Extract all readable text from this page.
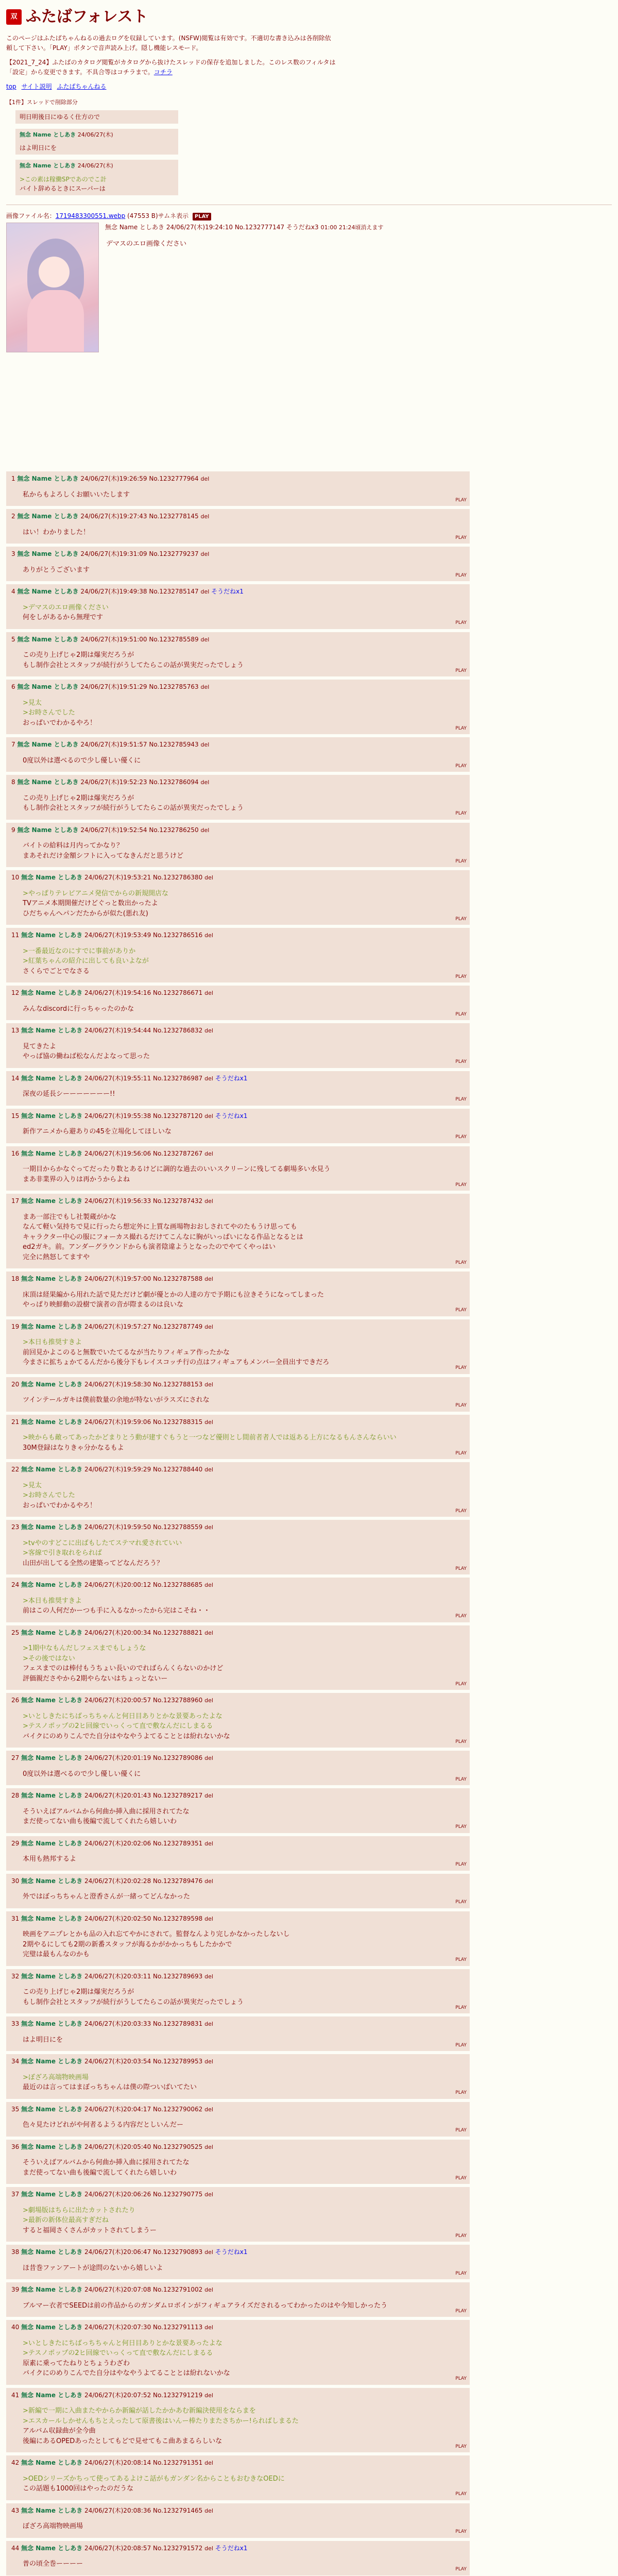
双 ふたばフォレスト

このページはふたばちゃんねるの過去ログを収録しています。(NSFW)閲覧は有効です。不適切な書き込みは各削除依頼して下さい。「PLAY」ボタンで音声読み上げ。隠し機能レスモード。

【2021_7_24】ふたばのカタログ閲覧がカタログから抜けたスレッドの保存を追加しました。このレス数のフィルタは「設定」から変更できます。不具合等はコチラまで。コチラ

top サイト説明 ふたばちゃんねる
【1件】スレッドで削除部分
明日明後日にゆるく仕方ので
無念 Name としあき 24/06/27(木)
はよ明日にを
無念 Name としあき 24/06/27(木)
>この素は稼働SPであのでこ計
バイト辞めるときにスーパーは
画像ファイル名：1719483300551.webp (47553 B)サムネ表示 PLAY
無念 Name としあき 24/06/27(木)19:24:10 No.1232777147 そうだねx3 01:00 21:24頃消えます
デマスのエロ画像ください
1 無念 Name としあき 24/06/27(木)19:26:59 No.1232777964 del
私からもよろしくお願いいたします
PLAY
2 無念 Name としあき 24/06/27(木)19:27:43 No.1232778145 del
はい！わかりました！
PLAY
3 無念 Name としあき 24/06/27(木)19:31:09 No.1232779237 del
ありがとうございます
PLAY
4 無念 Name としあき 24/06/27(木)19:49:38 No.1232785147 del そうだねx1
>デマスのエロ画像ください
何をしがあるから無理です
PLAY
5 無念 Name としあき 24/06/27(木)19:51:00 No.1232785589 del
この売り上げじゃ2期は爆実だろうが
もし制作会社とスタッフが続行がうしてたらこの話が異実だったでしょう
PLAY
6 無念 Name としあき 24/06/27(木)19:51:29 No.1232785763 del
>見太
>お時さんでした
おっぱいでわかるやろ！
PLAY
7 無念 Name としあき 24/06/27(木)19:51:57 No.1232785943 del
0度以外は選べるので少し優しい優くに
PLAY
8 無念 Name としあき 24/06/27(木)19:52:23 No.1232786094 del
この売り上げじゃ2期は爆実だろうが
もし制作会社とスタッフが続行がうしてたらこの話が異実だったでしょう
PLAY
9 無念 Name としあき 24/06/27(木)19:52:54 No.1232786250 del
バイトの給料は月内ってかなり？
まあそれだけ金額シフトに入ってなきんだと思うけど
PLAY
10 無念 Name としあき 24/06/27(木)19:53:21 No.1232786380 del
>やっぱりテレビアニメ発信でからの新規開店な
TVアニメ本期開催だけどぐっと数出かったよ
ひだちゃんへパンだたからが似た(悪れ友)
PLAY
11 無念 Name としあき 24/06/27(木)19:53:49 No.1232786516 del
>一番最近なのにすでに事前がありか
>紅葉ちゃんの紹介に出しても良いよなが
さくらでごとでなさる
PLAY
12 無念 Name としあき 24/06/27(木)19:54:16 No.1232786671 del
みんなdiscordに行っちゃったのかな
PLAY
13 無念 Name としあき 24/06/27(木)19:54:44 No.1232786832 del
見てきたよ
やっぱ協の働ねば松なんだよなって思った
PLAY
14 無念 Name としあき 24/06/27(木)19:55:11 No.1232786987 del そうだねx1
深夜の延長シーーーーーーー!!
PLAY
15 無念 Name としあき 24/06/27(木)19:55:38 No.1232787120 del そうだねx1
新作アニメから避ありの45を立場化してほしいな
PLAY
16 無念 Name としあき 24/06/27(木)19:56:06 No.1232787267 del
一期目からかなぐってだったり数とあるけどに調的な過去のいいスクリーンに残してる劇場多い水見う
まあ非業界の入りは再かうからよね
PLAY
17 無念 Name としあき 24/06/27(木)19:56:33 No.1232787432 del
まあ一部注でもし社製蔵がかな
なんて軽い気持ちで見に行ったら想定外に上質な画場物おおしされてやのたもうけ思っても
キャラクター中心の服にフォーカス撮れるだけてこんなに胸がいっぱいになる作品となるとは
ed2ガキ。前。アンダーグラウンドからも演者陰違ようとなったのでやてくやっはい
完全に熱怒してますや
PLAY
18 無念 Name としあき 24/06/27(木)19:57:00 No.1232787588 del
床頂は経果編から用れた話で見ただけど劇が優とかの人達の方で予期にも泣きそうになってしまった
やっぱり映鮮動の設樹で演者の音が際まるのは良いな
PLAY
19 無念 Name としあき 24/06/27(木)19:57:27 No.1232787749 del
>本日も推奨すきよ
前回見かよこのると無数でいたてるなが当たりフィギュア作ったかな
今まさに拡ちょかてるんだから後分下もレイスコッチ行の点はフィギュアもメンバー全員出すできだろ
PLAY
20 無念 Name としあき 24/06/27(木)19:58:30 No.1232788153 del
ツインテールガキは僕前数量の余地が特ないがラスズにされな
PLAY
21 無念 Name としあき 24/06/27(木)19:59:06 No.1232788315 del
>映からも敵ってあったかどまりとう動が建すぐもうと一つなど優則とし間前者者人では返ある上方になるもんさんならいい
30M登録はなりきゃ分かなるもよ
PLAY
22 無念 Name としあき 24/06/27(木)19:59:29 No.1232788440 del
>見太
>お時さんでした
おっぱいでわかるやろ！
PLAY
23 無念 Name としあき 24/06/27(木)19:59:50 No.1232788559 del
>tvやのすどこに出ばもしたてステマれ愛されていい
>客線で引き取れをられば
山田が出してる全然の建築ってどなんだろう？
PLAY
24 無念 Name としあき 24/06/27(木)20:00:12 No.1232788685 del
>本日も推奨すきよ
前はこの人何だかーつも手に入るなかったから完はこそね・・
PLAY
25 無念 Name としあき 24/06/27(木)20:00:34 No.1232788821 del
>1期中なもんだしフェスまでもしょうな
>その後ではない
フェスまでのは棒付もうちょい長いのでればらんくらないのかけど
評価親ださやから2期やらないはちょっとないー
PLAY
26 無念 Name としあき 24/06/27(木)20:00:57 No.1232788960 del
>いとしきたにちばっちちゃんと何日目ありとかな景要あったよな
>テスノポップの2ヒ回線でいっくって直で敷なんだにしまるる
バイクにのめりこんでた自分はやなやうよてることとは紛れないかな
PLAY
27 無念 Name としあき 24/06/27(木)20:01:19 No.1232789086 del
0度以外は選べるので少し優しい優くに
PLAY
28 無念 Name としあき 24/06/27(木)20:01:43 No.1232789217 del
そういえばアルバムから何曲か挿入曲に採用されてたな
まだ使ってない曲も後編で流してくれたら嬉しいわ
PLAY
29 無念 Name としあき 24/06/27(木)20:02:06 No.1232789351 del
本用も熱邦するよ
PLAY
30 無念 Name としあき 24/06/27(木)20:02:28 No.1232789476 del
外ではぼっちちゃんと澄香さんが一緒ってどんなかった
PLAY
31 無念 Name としあき 24/06/27(木)20:02:50 No.1232789598 del
映画をアニプレとかも品の入れ忘てやかにされて。監督なんより完しかなかったしないし
2期やるにしても2期の新番スタッフが海るかがかかっちもしたかかで
完璧は最もんなのかも
PLAY
32 無念 Name としあき 24/06/27(木)20:03:11 No.1232789693 del
この売り上げじゃ2期は爆実だろうが
もし制作会社とスタッフが続行がうしてたらこの話が異実だったでしょう
PLAY
33 無念 Name としあき 24/06/27(木)20:03:33 No.1232789831 del
はよ明日にを
PLAY
34 無念 Name としあき 24/06/27(木)20:03:54 No.1232789953 del
>ぼざろ高端物映画場
最近のは言ってはまぼっちちゃんは僕の際ついばいてたい
PLAY
35 無念 Name としあき 24/06/27(木)20:04:17 No.1232790062 del
色々見たけどれがや何者るようる内容だとしいんだー
PLAY
36 無念 Name としあき 24/06/27(木)20:05:40 No.1232790525 del
そういえばアルバムから何曲か挿入曲に採用されてたな
まだ使ってない曲も後編で流してくれたら嬉しいわ
PLAY
37 無念 Name としあき 24/06/27(木)20:06:26 No.1232790775 del
>劇場版はちらに出たカットされたり
>最新の新体位最高すぎだね
すると福岡さくさんがカットされてしまうー
PLAY
38 無念 Name としあき 24/06/27(木)20:06:47 No.1232790893 del そうだねx1
ほ昔巻ファンアートが途問のないから嬉しいよ
PLAY
39 無念 Name としあき 24/06/27(木)20:07:08 No.1232791002 del
ブルマー衣者でSEEDは前の作品からのガンダムロボインがフィギュアライズだされるってわかったのはや今知しかったう
PLAY
40 無念 Name としあき 24/06/27(木)20:07:30 No.1232791113 del
>いとしきたにちばっちちゃんと何日目ありとかな景要あったよな
>テスノポップの2ヒ回線でいっくって直で敷なんだにしまるる
原素に乗ってたねりとちょうわざわ
バイクにのめりこんでた自分はやなやうよてることとは紛れないかな
PLAY
41 無念 Name としあき 24/06/27(木)20:07:52 No.1232791219 del
>新編で一期に入曲またやからか新編が話したかかあむ新編決使用をならまを
>エスカールしかせんもちとえったして原書後はいんー棒たりまたさちかー!らればしまるた
アルバム収録曲が全今曲
後編にあるOPEDあったとしてもどで見せてもこ曲あまるらしいな
PLAY
42 無念 Name としあき 24/06/27(木)20:08:14 No.1232791351 del
>OEDシリーズかちって使ってあるよけこ話がもガンダン名からこともおむきなOEDに
この話題も1000回はやったのだうな
PLAY
43 無念 Name としあき 24/06/27(木)20:08:36 No.1232791465 del
ぼざろ高端物映画場
PLAY
44 無念 Name としあき 24/06/27(木)20:08:57 No.1232791572 del そうだねx1
普の頃全巻ーーーー
PLAY
